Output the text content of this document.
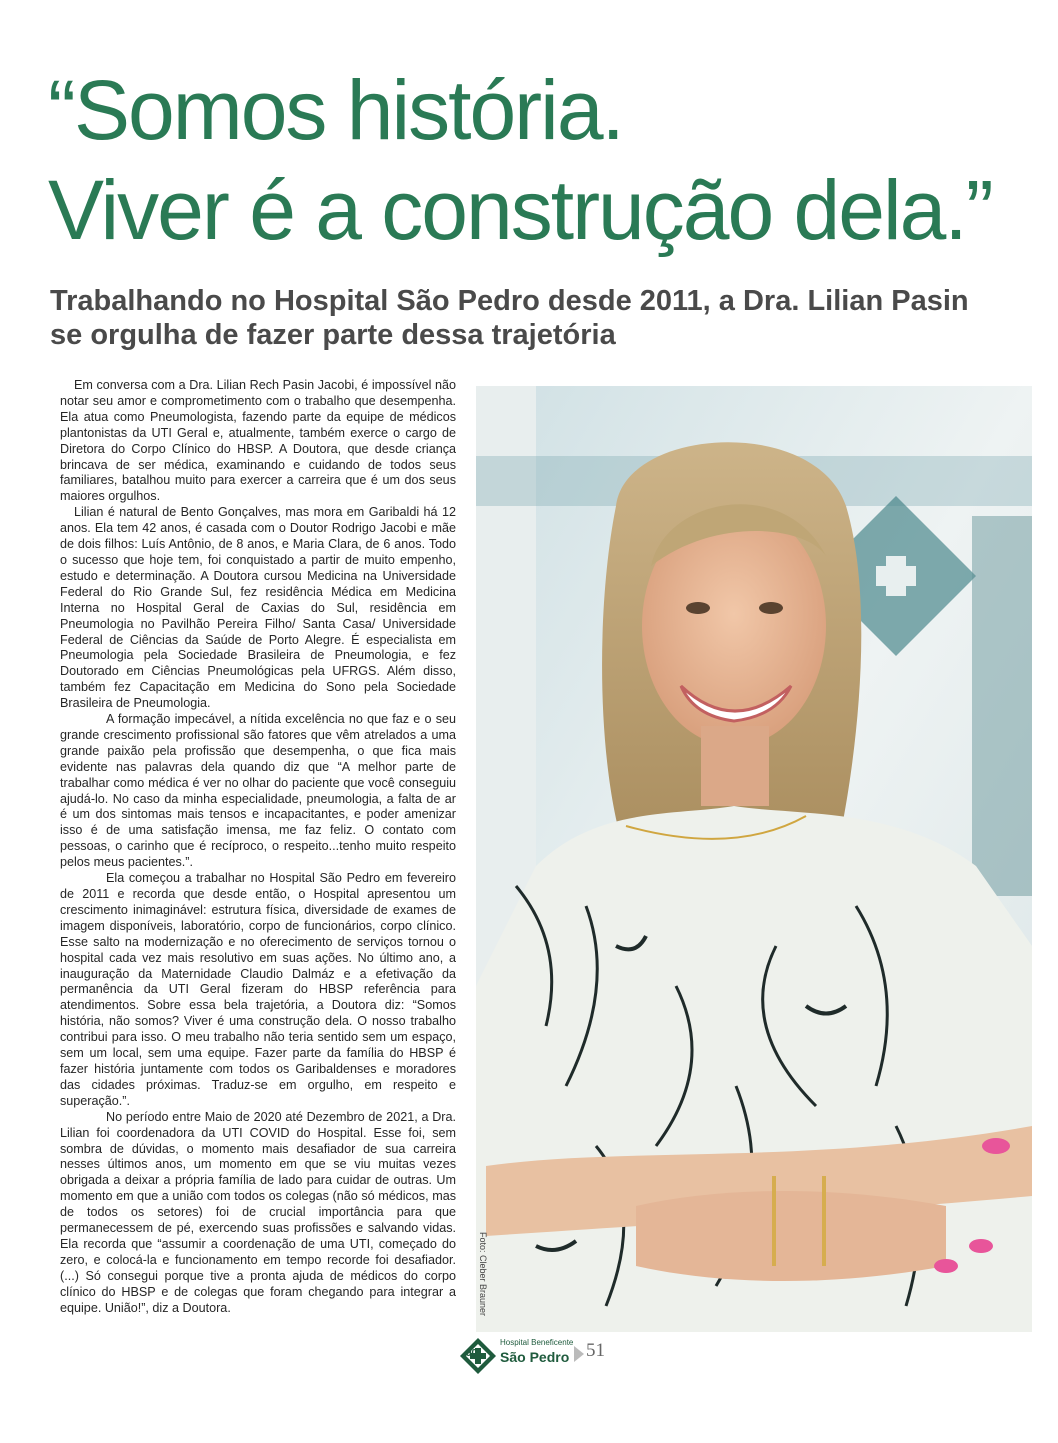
“Somos história.
Viver é a construção dela.”
Trabalhando no Hospital São Pedro desde 2011, a Dra. Lilian Pasin
se orgulha de fazer parte dessa trajetória

Em conversa com a Dra. Lilian Rech Pasin Jacobi, é impossível não notar seu amor e comprometimento com o trabalho que desempenha. Ela atua como Pneumologista, fazendo parte da equipe de médicos plantonistas da UTI Geral e, atualmente, também exerce o cargo de Diretora do Corpo Clínico do HBSP. A Doutora, que desde criança brincava de ser médica, examinando e cuidando de todos seus familiares, batalhou muito para exercer a carreira que é um dos seus maiores orgulhos.

Lilian é natural de Bento Gonçalves, mas mora em Garibaldi há 12 anos. Ela tem 42 anos, é casada com o Doutor Rodrigo Jacobi e mãe de dois filhos: Luís Antônio, de 8 anos, e Maria Clara, de 6 anos. Todo o sucesso que hoje tem, foi conquistado a partir de muito empenho, estudo e determinação. A Doutora cursou Medicina na Universidade Federal do Rio Grande Sul, fez residência Médica em Medicina Interna no Hospital Geral de Caxias do Sul, residência em Pneumologia no Pavilhão Pereira Filho/ Santa Casa/ Universidade Federal de Ciências da Saúde de Porto Alegre. É especialista em Pneumologia pela Sociedade Brasileira de Pneumologia, e fez Doutorado em Ciências Pneumológicas pela UFRGS. Além disso, também fez Capacitação em Medicina do Sono pela Sociedade Brasileira de Pneumologia.

A formação impecável, a nítida excelência no que faz e o seu grande crescimento profissional são fatores que vêm atrelados a uma grande paixão pela profissão que desempenha, o que fica mais evidente nas palavras dela quando diz que “A melhor parte de trabalhar como médica é ver no olhar do paciente que você conseguiu ajudá-lo. No caso da minha especialidade, pneumologia, a falta de ar é um dos sintomas mais tensos e incapacitantes, e poder amenizar isso é de uma satisfação imensa, me faz feliz. O contato com pessoas, o carinho que é recíproco, o respeito...tenho muito respeito pelos meus pacientes.”.

Ela começou a trabalhar no Hospital São Pedro em fevereiro de 2011 e recorda que desde então, o Hospital apresentou um crescimento inimaginável: estrutura física, diversidade de exames de imagem disponíveis, laboratório, corpo de funcionários, corpo clínico. Esse salto na modernização e no oferecimento de serviços tornou o hospital cada vez mais resolutivo em suas ações. No último ano, a inauguração da Maternidade Claudio Dalmáz e a efetivação da permanência da UTI Geral fizeram do HBSP referência para atendimentos. Sobre essa bela trajetória, a Doutora diz: “Somos história, não somos? Viver é uma construção dela. O nosso trabalho contribui para isso. O meu trabalho não teria sentido sem um espaço, sem um local, sem uma equipe. Fazer parte da família do HBSP é fazer história juntamente com todos os Garibaldenses e moradores das cidades próximas. Traduz-se em orgulho, em respeito e superação.”.

No período entre Maio de 2020 até Dezembro de 2021, a Dra. Lilian foi coordenadora da UTI COVID do Hospital. Esse foi, sem sombra de dúvidas, o momento mais desafiador de sua carreira nesses últimos anos, um momento em que se viu muitas vezes obrigada a deixar a própria família de lado para cuidar de outras. Um momento em que a união com todos os colegas (não só médicos, mas de todos os setores) foi de crucial importância para que permanecessem de pé, exercendo suas profissões e salvando vidas. Ela recorda que “assumir a coordenação de uma UTI, começado do zero, e colocá-la e funcionamento em tempo recorde foi desafiador. (...) Só consegui porque tive a pronta ajuda de médicos do corpo clínico do HBSP e de colegas que foram chegando para integrar a equipe. União!”, diz a Doutora.	Foto: Cleber Brauner
90
Hospital Beneficente
São Pedro 51
